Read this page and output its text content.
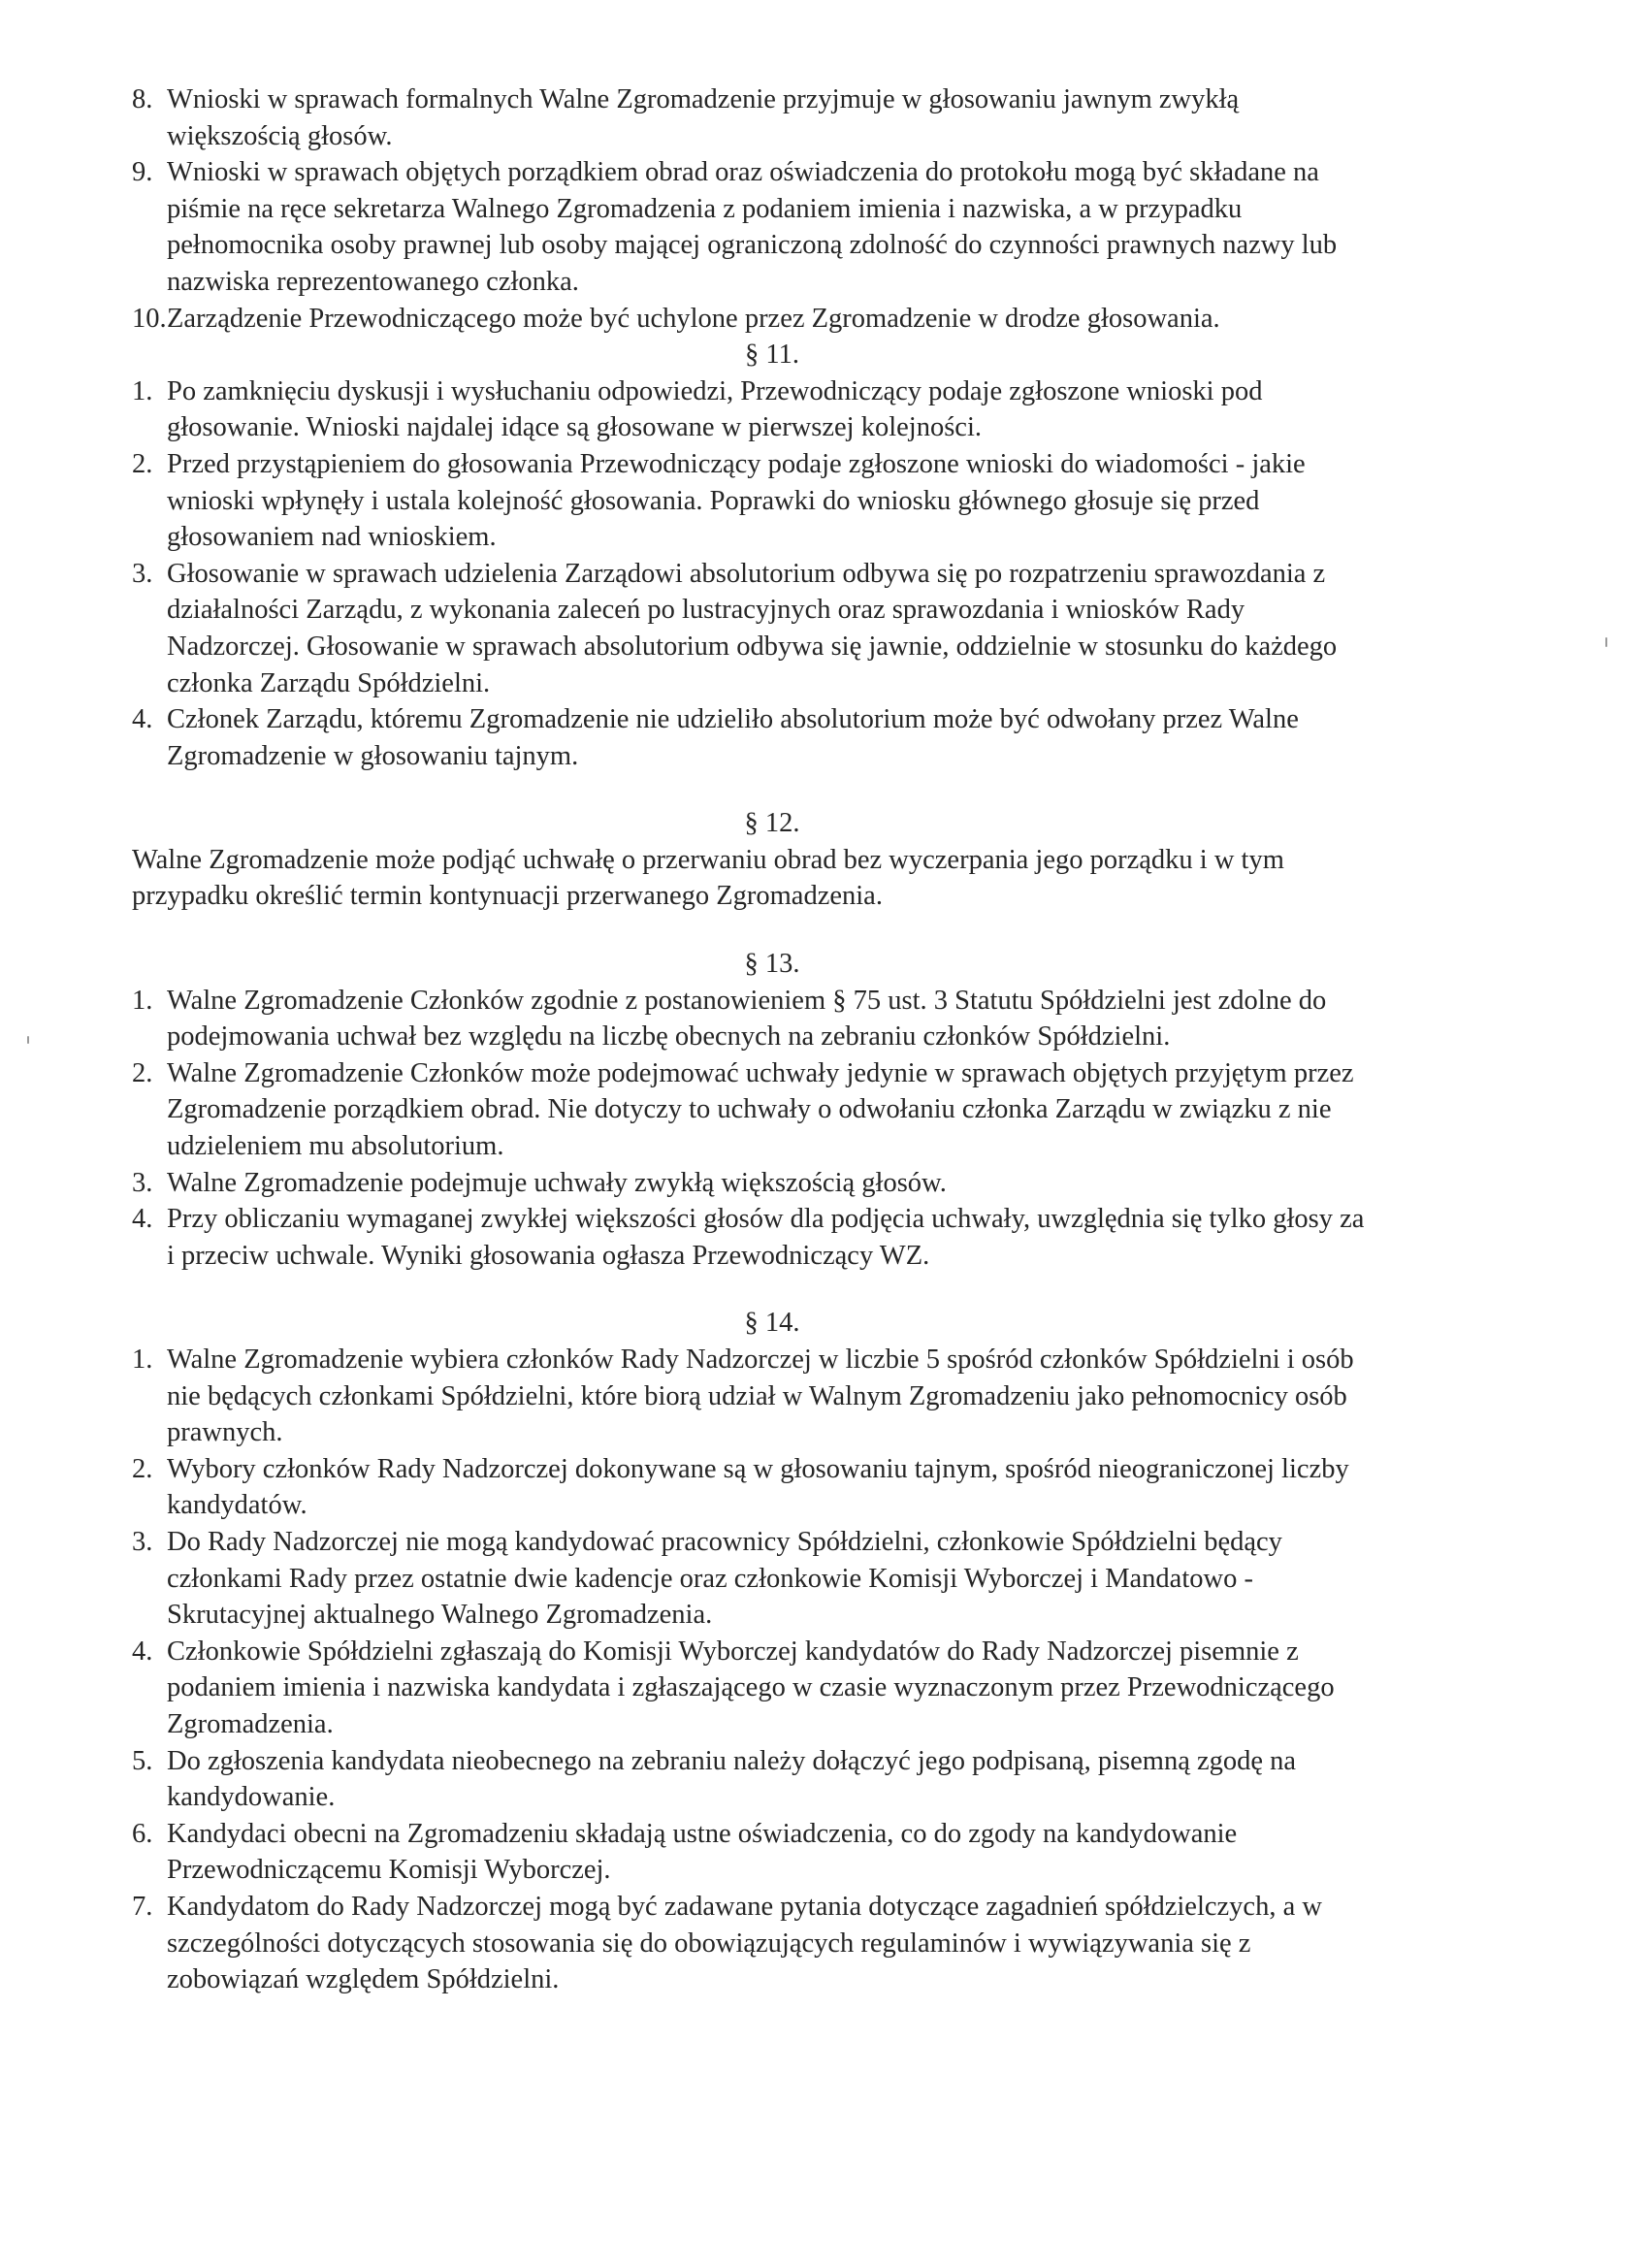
8. Wnioski w sprawach formalnych Walne Zgromadzenie przyjmuje w głosowaniu jawnym zwykłą większością głosów.
9. Wnioski w sprawach objętych porządkiem obrad oraz oświadczenia do protokołu mogą być składane na piśmie na ręce sekretarza Walnego Zgromadzenia z podaniem imienia i nazwiska, a w przypadku pełnomocnika osoby prawnej lub osoby mającej ograniczoną zdolność do czynności prawnych nazwy lub nazwiska reprezentowanego członka.
10. Zarządzenie Przewodniczącego może być uchylone przez Zgromadzenie w drodze głosowania.
§ 11.
1. Po zamknięciu dyskusji i wysłuchaniu odpowiedzi, Przewodniczący podaje zgłoszone wnioski pod głosowanie. Wnioski najdalej idące są głosowane w pierwszej kolejności.
2. Przed przystąpieniem do głosowania Przewodniczący podaje zgłoszone wnioski do wiadomości - jakie wnioski wpłynęły i ustala kolejność głosowania. Poprawki do wniosku głównego głosuje się przed głosowaniem nad wnioskiem.
3. Głosowanie w sprawach udzielenia Zarządowi absolutorium odbywa się po rozpatrzeniu sprawozdania z działalności Zarządu, z wykonania zaleceń po lustracyjnych oraz sprawozdania i wniosków Rady Nadzorczej. Głosowanie w sprawach absolutorium odbywa się jawnie, oddzielnie w stosunku do każdego członka Zarządu Spółdzielni.
4. Członek Zarządu, któremu Zgromadzenie nie udzieliło absolutorium może być odwołany przez Walne Zgromadzenie w głosowaniu tajnym.
§ 12.

Walne Zgromadzenie może podjąć uchwałę o przerwaniu obrad bez wyczerpania jego porządku i w tym przypadku określić termin kontynuacji przerwanego Zgromadzenia.

§ 13.
1. Walne Zgromadzenie Członków zgodnie z postanowieniem § 75 ust. 3 Statutu Spółdzielni jest zdolne do podejmowania uchwał bez względu na liczbę obecnych na zebraniu członków Spółdzielni.
2. Walne Zgromadzenie Członków może podejmować uchwały jedynie w sprawach objętych przyjętym przez Zgromadzenie porządkiem obrad. Nie dotyczy to uchwały o odwołaniu członka Zarządu w związku z nie udzieleniem mu absolutorium.
3. Walne Zgromadzenie podejmuje uchwały zwykłą większością głosów.
4. Przy obliczaniu wymaganej zwykłej większości głosów dla podjęcia uchwały, uwzględnia się tylko głosy za i przeciw uchwale. Wyniki głosowania ogłasza Przewodniczący WZ.
§ 14.
1. Walne Zgromadzenie wybiera członków Rady Nadzorczej w liczbie 5 spośród członków Spółdzielni i osób nie będących członkami Spółdzielni, które biorą udział w Walnym Zgromadzeniu jako pełnomocnicy osób prawnych.
2. Wybory członków Rady Nadzorczej dokonywane są w głosowaniu tajnym, spośród nieograniczonej liczby kandydatów.
3. Do Rady Nadzorczej nie mogą kandydować pracownicy Spółdzielni, członkowie Spółdzielni będący członkami Rady przez ostatnie dwie kadencje oraz członkowie Komisji Wyborczej i Mandatowo - Skrutacyjnej aktualnego Walnego Zgromadzenia.
4. Członkowie Spółdzielni zgłaszają do Komisji Wyborczej kandydatów do Rady Nadzorczej pisemnie z podaniem imienia i nazwiska kandydata i zgłaszającego w czasie wyznaczonym przez Przewodniczącego Zgromadzenia.
5. Do zgłoszenia kandydata nieobecnego na zebraniu należy dołączyć jego podpisaną, pisemną zgodę na kandydowanie.
6. Kandydaci obecni na Zgromadzeniu składają ustne oświadczenia, co do zgody na kandydowanie Przewodniczącemu Komisji Wyborczej.
7. Kandydatom do Rady Nadzorczej mogą być zadawane pytania dotyczące zagadnień spółdzielczych, a w szczególności dotyczących stosowania się do obowiązujących regulaminów i wywiązywania się z zobowiązań względem Spółdzielni.
